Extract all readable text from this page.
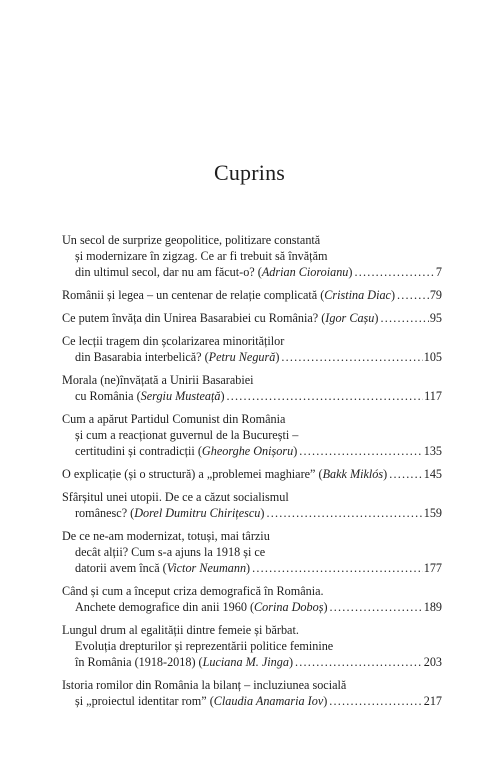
Cuprins
Un secol de surprize geopolitice, politizare constantă
și modernizare în zigzag. Ce ar fi trebuit să învățăm
din ultimul secol, dar nu am făcut-o? (Adrian Cioroianu) .....	7
Românii și legea – un centenar de relație complicată (Cristina Diac) .....	79
Ce putem învăța din Unirea Basarabiei cu România? (Igor Cașu) .....	95
Ce lecții tragem din școlarizarea minorităților
din Basarabia interbelică? (Petru Negură) .....	105
Morala (ne)învățată a Unirii Basarabiei
cu România (Sergiu Musteață) .....	117
Cum a apărut Partidul Comunist din România
și cum a reacționat guvernul de la București –
certitudini și contradicții (Gheorghe Onișoru) .....	135
O explicație (și o structură) a „problemei maghiare” (Bakk Miklós) .....	145
Sfârșitul unei utopii. De ce a căzut socialismul
românesc? (Dorel Dumitru Chirițescu) .....	159
De ce ne-am modernizat, totuși, mai târziu
decât alții? Cum s-a ajuns la 1918 și ce
datorii avem încă (Victor Neumann) .....	177
Când și cum a început criza demografică în România.
Anchete demografice din anii 1960 (Corina Doboș) .....	189
Lungul drum al egalității dintre femeie și bărbat.
Evoluția drepturilor și reprezentării politice feminine
în România (1918-2018) (Luciana M. Jinga) .....	203
Istoria romilor din România la bilanț – incluziunea socială
și „proiectul identitar rom” (Claudia Anamaria Iov) .....	217
